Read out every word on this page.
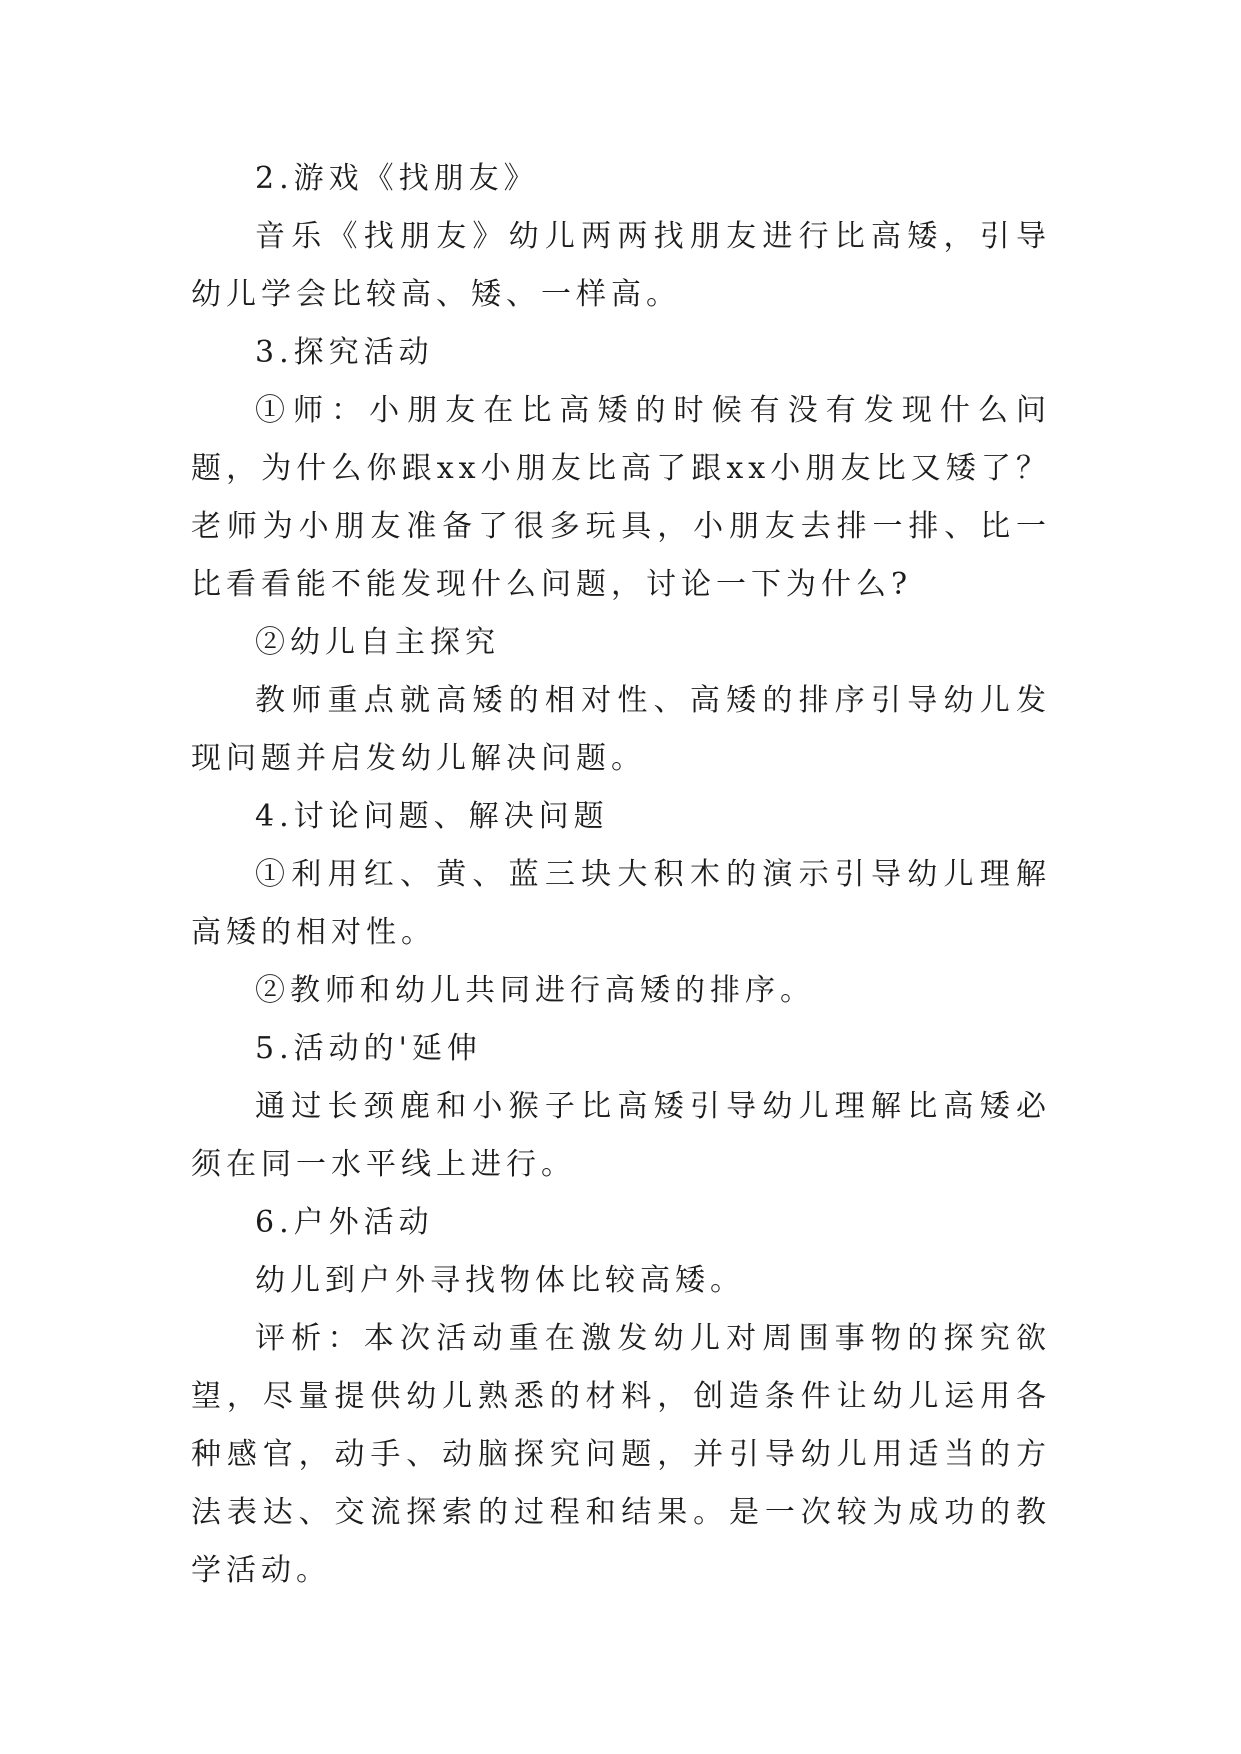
2.游戏《找朋友》

音乐《找朋友》幼儿两两找朋友进行比高矮，引导幼儿学会比较高、矮、一样高。

3.探究活动

①师：小朋友在比高矮的时候有没有发现什么问题，为什么你跟xx小朋友比高了跟xx小朋友比又矮了？老师为小朋友准备了很多玩具，小朋友去排一排、比一比看看能不能发现什么问题，讨论一下为什么?

②幼儿自主探究

教师重点就高矮的相对性、高矮的排序引导幼儿发现问题并启发幼儿解决问题。

4.讨论问题、解决问题

①利用红、黄、蓝三块大积木的演示引导幼儿理解高矮的相对性。

②教师和幼儿共同进行高矮的排序。

5.活动的'延伸

通过长颈鹿和小猴子比高矮引导幼儿理解比高矮必须在同一水平线上进行。

6.户外活动

幼儿到户外寻找物体比较高矮。

评析：本次活动重在激发幼儿对周围事物的探究欲望，尽量提供幼儿熟悉的材料，创造条件让幼儿运用各种感官，动手、动脑探究问题，并引导幼儿用适当的方法表达、交流探索的过程和结果。是一次较为成功的教学活动。
